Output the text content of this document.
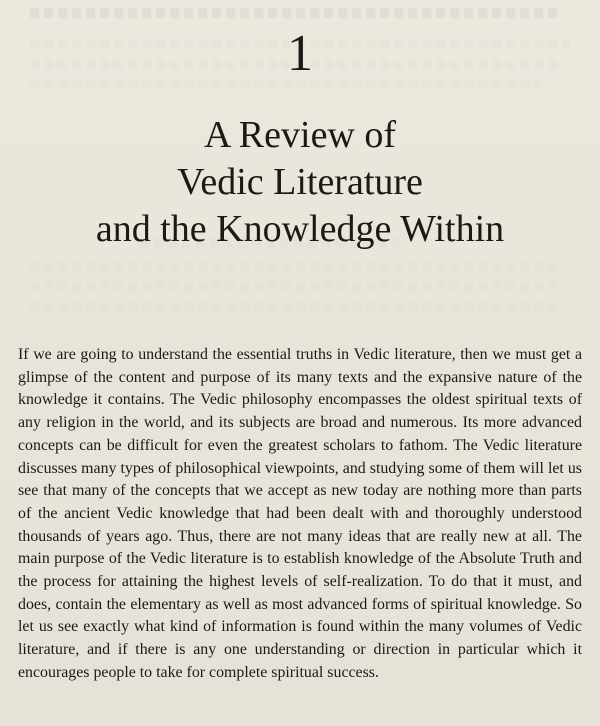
1
A Review of
Vedic Literature
and the Knowledge Within

If we are going to understand the essential truths in Vedic literature, then we must get a glimpse of the content and purpose of its many texts and the expansive nature of the knowledge it contains. The Vedic philosophy encompasses the oldest spiritual texts of any religion in the world, and its subjects are broad and numerous. Its more advanced concepts can be difficult for even the greatest scholars to fathom. The Vedic literature discusses many types of philosophical viewpoints, and studying some of them will let us see that many of the concepts that we accept as new today are nothing more than parts of the ancient Vedic knowledge that had been dealt with and thoroughly understood thousands of years ago. Thus, there are not many ideas that are really new at all. The main purpose of the Vedic literature is to establish knowledge of the Absolute Truth and the process for attaining the highest levels of self-realization. To do that it must, and does, contain the elementary as well as most advanced forms of spiritual knowledge. So let us see exactly what kind of information is found within the many volumes of Vedic literature, and if there is any one understanding or direction in particular which it encourages people to take for complete spiritual success.
